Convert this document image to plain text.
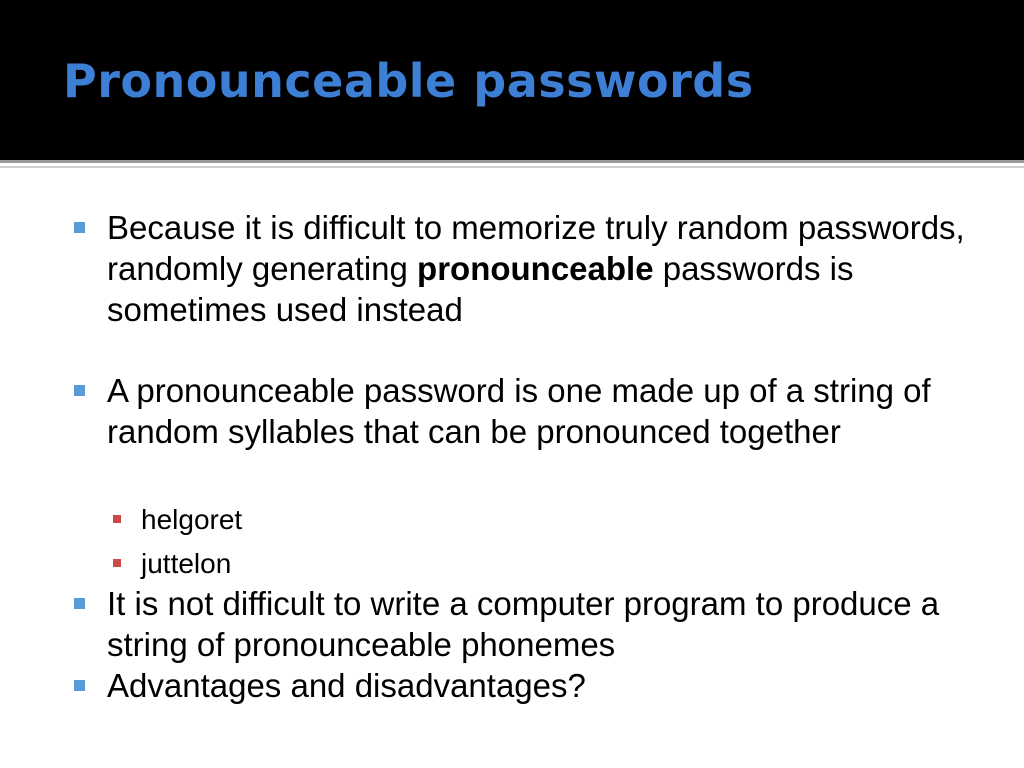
Pronounceable passwords
Because it is difficult to memorize truly random passwords, randomly generating pronounceable passwords is sometimes used instead
A pronounceable password is one made up of a string of random syllables that can be pronounced together
helgoret
juttelon
It is not difficult to write a computer program to produce a string of pronounceable phonemes
Advantages and disadvantages?
